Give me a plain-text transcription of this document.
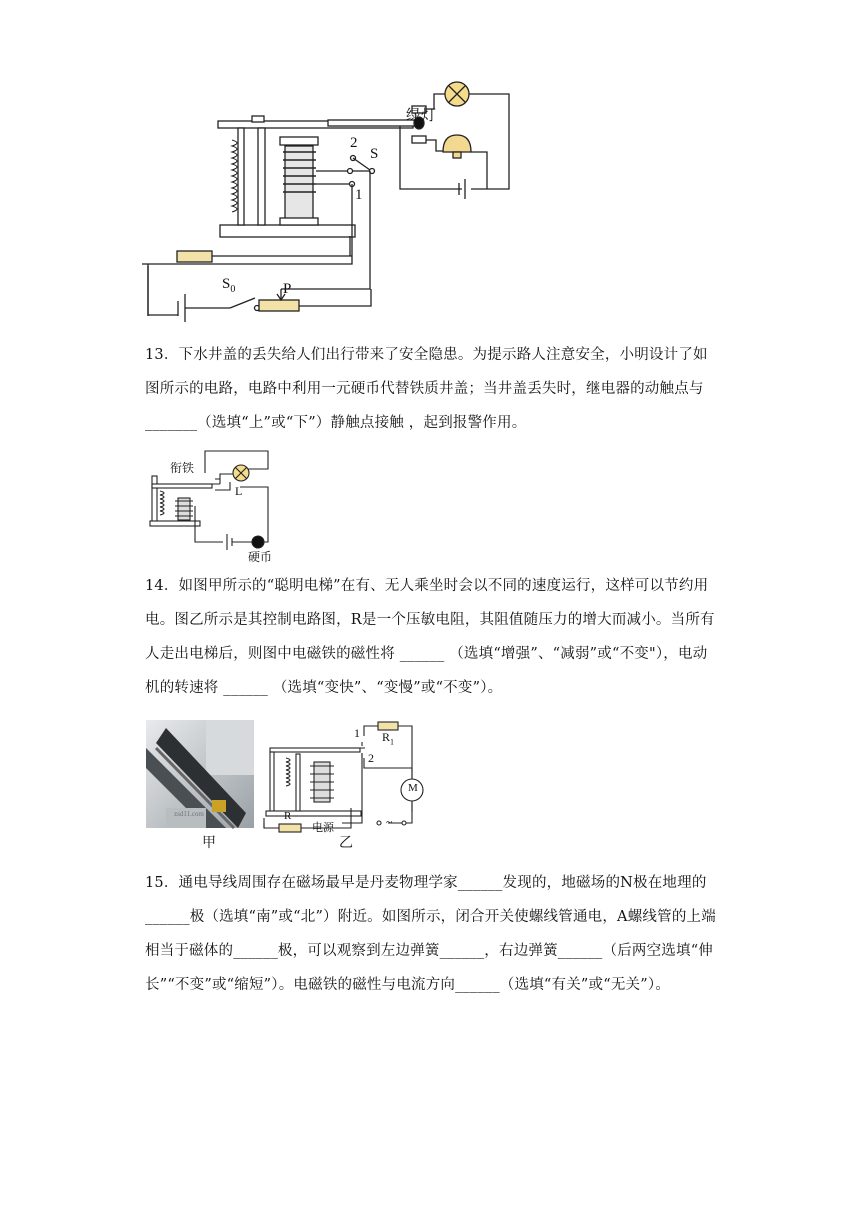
绿灯
2
S
1
$S_0$	P
13．下水井盖的丢失给人们出行带来了安全隐患。为提示路人注意安全，小明设计了如图所示的电路，电路中利用一元硬币代替铁质井盖；当井盖丢失时，继电器的动触点与_______（选填“上”或“下”）静触点接触 ，起到报警作用。
衔铁
L
硬币
14．如图甲所示的“聪明电梯”在有、无人乘坐时会以不同的速度运行，这样可以节约用电。图乙所示是其控制电路图，R是一个压敏电阻，其阻值随压力的增大而减小。当所有人走出电梯后，则图中电磁铁的磁性将 ______ （选填“增强”、“减弱”或“不变"），电动机的转速将 ______ （选填“变快”、“变慢”或“不变”）。
zsd11.com
1 $R_1$
2
M
R
电源	~
甲	乙
15．通电导线周围存在磁场最早是丹麦物理学家______发现的，地磁场的N极在地理的______极（选填“南”或“北”）附近。如图所示，闭合开关使螺线管通电，A螺线管的上端相当于磁体的______极，可以观察到左边弹簧______，右边弹簧______（后两空选填“伸长”“不变”或“缩短”）。电磁铁的磁性与电流方向______（选填“有关”或“无关”）。
